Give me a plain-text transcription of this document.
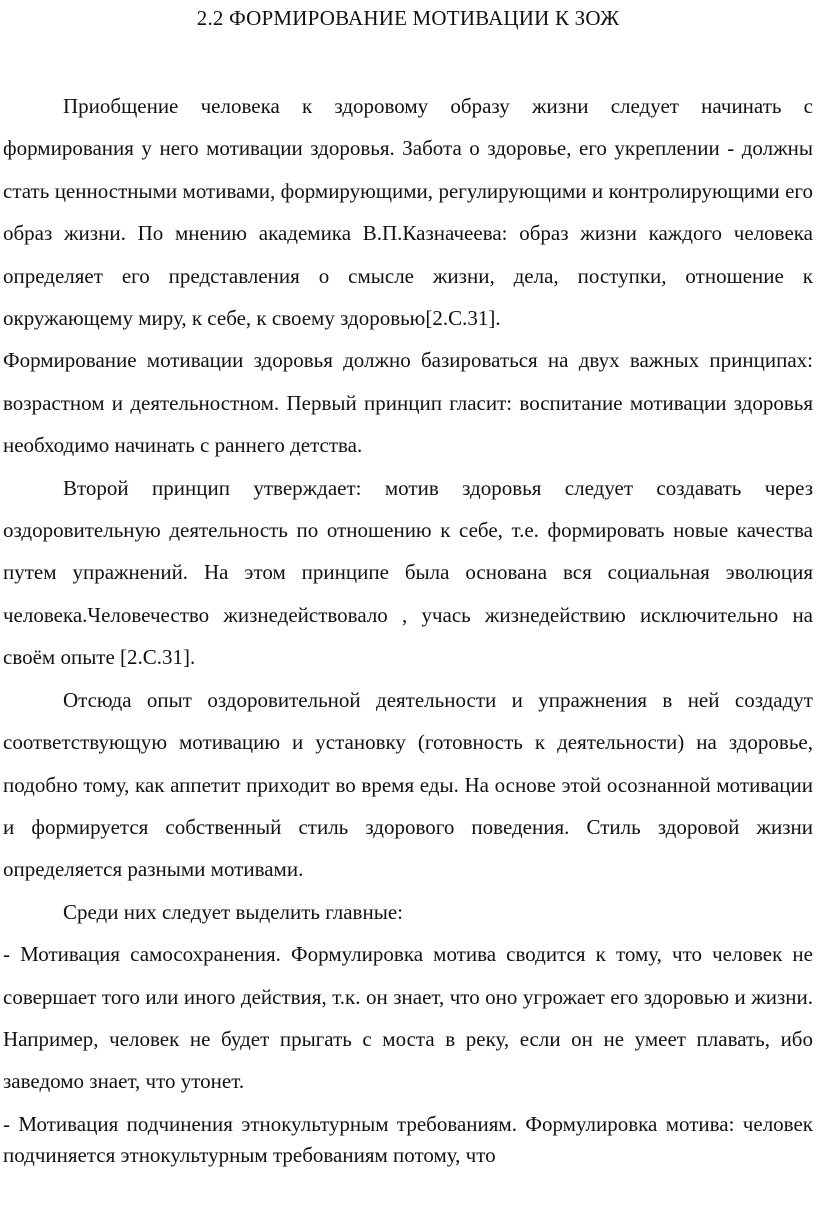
2.2 ФОРМИРОВАНИЕ МОТИВАЦИИ К ЗОЖ

Приобщение человека к здоровому образу жизни следует начинать с формирования у него мотивации здоровья. Забота о здоровье, его укреплении - должны стать ценностными мотивами, формирующими, регулирующими и контролирующими его образ жизни. По мнению академика В.П.Казначеева: образ жизни каждого человека определяет его представления о смысле жизни, дела, поступки, отношение к окружающему миру, к себе, к своему здоровью[2.С.31].

Формирование мотивации здоровья должно базироваться на двух важных принципах: возрастном и деятельностном. Первый принцип гласит: воспитание мотивации здоровья необходимо начинать с раннего детства.

Второй принцип утверждает: мотив здоровья следует создавать через оздоровительную деятельность по отношению к себе, т.е. формировать новые качества путем упражнений. На этом принципе была основана вся социальная эволюция человека.Человечество жизнедействовало , учась жизнедействию исключительно на своём опыте [2.С.31].

Отсюда опыт оздоровительной деятельности и упражнения в ней создадут соответствующую мотивацию и установку (готовность к деятельности) на здоровье, подобно тому, как аппетит приходит во время еды. На основе этой осознанной мотивации и формируется собственный стиль здорового поведения. Стиль здоровой жизни определяется разными мотивами.

Среди них следует выделить главные:

- Мотивация самосохранения. Формулировка мотива сводится к тому, что человек не совершает того или иного действия, т.к. он знает, что оно угрожает его здоровью и жизни. Например, человек не будет прыгать с моста в реку, если он не умеет плавать, ибо заведомо знает, что утонет.

- Мотивация подчинения этнокультурным требованиям. Формулировка мотива: человек подчиняется этнокультурным требованиям потому, что
